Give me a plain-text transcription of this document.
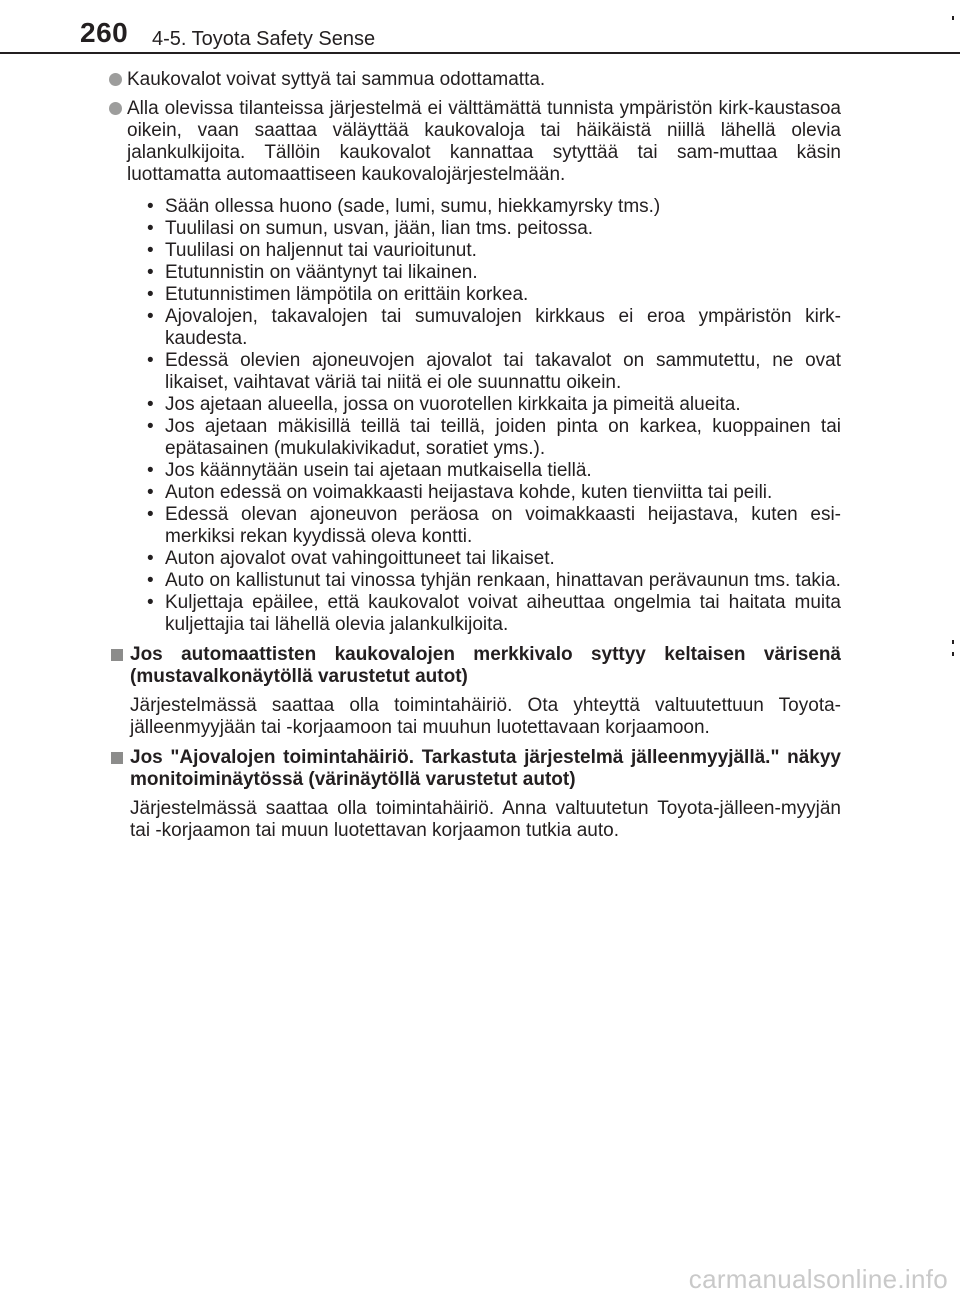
260 4-5. Toyota Safety Sense
Kaukovalot voivat syttyä tai sammua odottamatta.
Alla olevissa tilanteissa järjestelmä ei välttämättä tunnista ympäristön kirk-kaustasoa oikein, vaan saattaa väläyttää kaukovaloja tai häikäistä niillä lähellä olevia jalankulkijoita. Tällöin kaukovalot kannattaa sytyttää tai sam-muttaa käsin luottamatta automaattiseen kaukovalojärjestelmään.
• Sään ollessa huono (sade, lumi, sumu, hiekkamyrsky tms.)
• Tuulilasi on sumun, usvan, jään, lian tms. peitossa.
• Tuulilasi on haljennut tai vaurioitunut.
• Etutunnistin on vääntynyt tai likainen.
• Etutunnistimen lämpötila on erittäin korkea.
• Ajovalojen, takavalojen tai sumuvalojen kirkkaus ei eroa ympäristön kirk-kaudesta.
• Edessä olevien ajoneuvojen ajovalot tai takavalot on sammutettu, ne ovat likaiset, vaihtavat väriä tai niitä ei ole suunnattu oikein.
• Jos ajetaan alueella, jossa on vuorotellen kirkkaita ja pimeitä alueita.
• Jos ajetaan mäkisillä teillä tai teillä, joiden pinta on karkea, kuoppainen tai epätasainen (mukulakivikadut, soratiet yms.).
• Jos käännytään usein tai ajetaan mutkaisella tiellä.
• Auton edessä on voimakkaasti heijastava kohde, kuten tienviitta tai peili.
• Edessä olevan ajoneuvon peräosa on voimakkaasti heijastava, kuten esi-merkiksi rekan kyydissä oleva kontti.
• Auton ajovalot ovat vahingoittuneet tai likaiset.
• Auto on kallistunut tai vinossa tyhjän renkaan, hinattavan perävaunun tms. takia.
• Kuljettaja epäilee, että kaukovalot voivat aiheuttaa ongelmia tai haitata muita kuljettajia tai lähellä olevia jalankulkijoita.
Jos automaattisten kaukovalojen merkkivalo syttyy keltaisen värisenä (mustavalkonäytöllä varustetut autot)
Järjestelmässä saattaa olla toimintahäiriö. Ota yhteyttä valtuutettuun Toyota-jälleenmyyjään tai -korjaamoon tai muuhun luotettavaan korjaamoon.
Jos "Ajovalojen toimintahäiriö. Tarkastuta järjestelmä jälleenmyyjällä." näkyy monitoiminäytössä (värinäytöllä varustetut autot)
Järjestelmässä saattaa olla toimintahäiriö. Anna valtuutetun Toyota-jälleen-myyjän tai -korjaamon tai muun luotettavan korjaamon tutkia auto.
carmanualsonline.info
